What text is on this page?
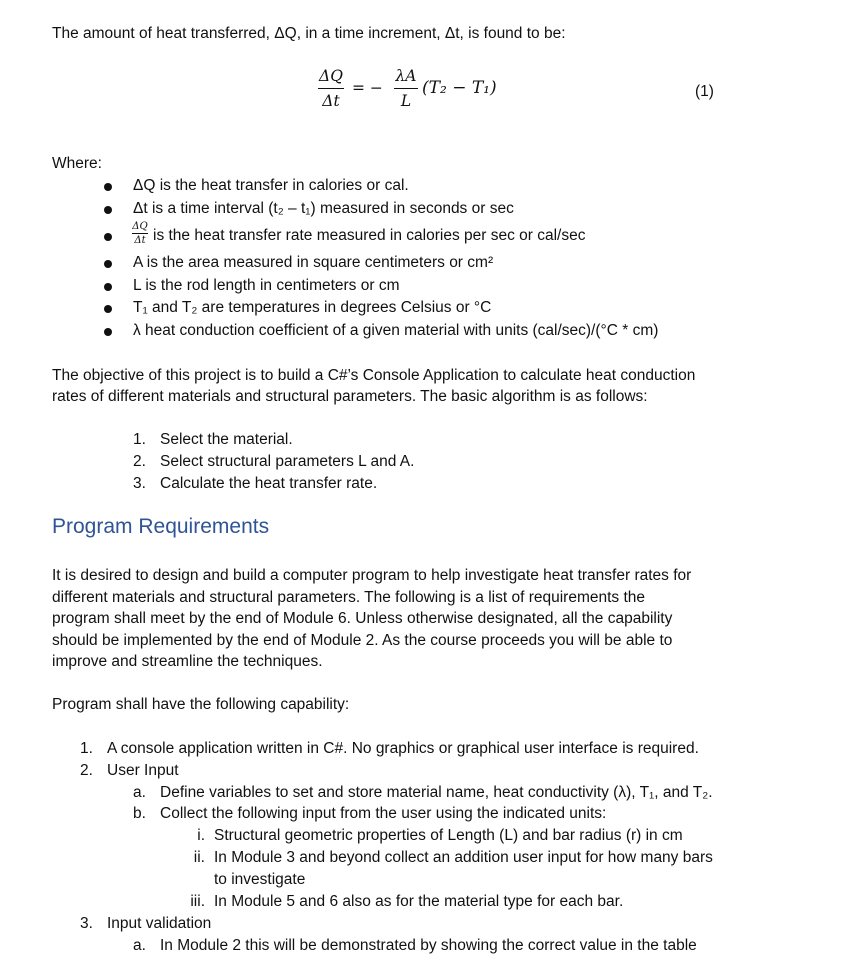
The amount of heat transferred, ΔQ, in a time increment, Δt, is found to be:
ΔQ
Δt
= −
λA
L
(T₂ − T₁)	(1)
Where:
ΔQ is the heat transfer in calories or cal.
Δt is a time interval (t₂ – t₁) measured in seconds or sec
ΔQ
Δt is the heat transfer rate measured in calories per sec or cal/sec
A is the area measured in square centimeters or cm²
L is the rod length in centimeters or cm
T₁ and T₂ are temperatures in degrees Celsius or °C
λ heat conduction coefficient of a given material with units (cal/sec)/(°C * cm)
The objective of this project is to build a C#’s Console Application to calculate heat conduction
rates of different materials and structural parameters. The basic algorithm is as follows:
1. Select the material.
2. Select structural parameters L and A.
3. Calculate the heat transfer rate.
Program Requirements
It is desired to design and build a computer program to help investigate heat transfer rates for
different materials and structural parameters. The following is a list of requirements the
program shall meet by the end of Module 6. Unless otherwise designated, all the capability
should be implemented by the end of Module 2. As the course proceeds you will be able to
improve and streamline the techniques.
Program shall have the following capability:
1. A console application written in C#. No graphics or graphical user interface is required.
2. User Input
a. Define variables to set and store material name, heat conductivity (λ), T₁, and T₂.
b. Collect the following input from the user using the indicated units:
i. Structural geometric properties of Length (L) and bar radius (r) in cm
ii. In Module 3 and beyond collect an addition user input for how many bars
to investigate
iii. In Module 5 and 6 also as for the material type for each bar.
3. Input validation
a. In Module 2 this will be demonstrated by showing the correct value in the table
